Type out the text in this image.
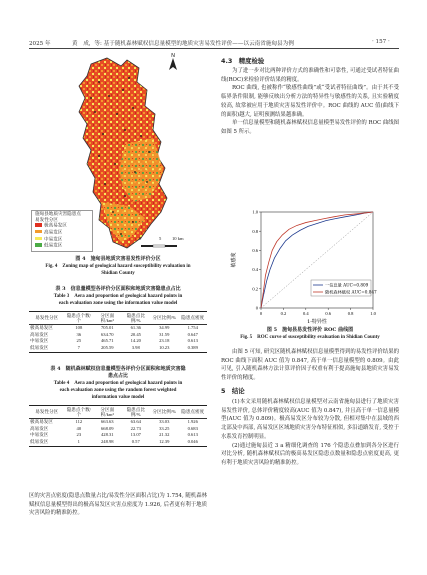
2025 年	黄　成，等: 基于随机森林赋权信息量模型的地质灾害易发性评价——以云南省施甸县为例	· 157 ·
N
0	5 10 km
施甸县地质灾害隐患点
易发性分区
极高易发区
高易发区
中易发区
低易发区
图 4　施甸县地质灾害易发性评价分区
Fig. 4　Zoning map of geological hazard susceptibility evaluation in
Shidian County
表 3　信息量模型各评价分区面积和地质灾害隐患点占比
Table 3　Aera and proportion of geological hazard points in
each evaluation zone using the information value model
易发性分区	隐患点个数/个	分区面积/km²	隐患点比例/%	分区比例/%	隐患点密度
极高易发区	108	705.01	61.36	34.99	1.754
高易发区	36	634.70	20.45	31.59	0.647
中易发区	25	465.71	14.20	23.18	0.613
低易发区	7	205.59	3.98	10.23	0.389
表 4　随机森林赋权信息量模型各评价分区面积和地质灾害隐
患点占比
Table 4　Aera and proportion of geological hazard points in
each evaluation zone using the random forest weighted
information value model
易发性分区	隐患点个数/个	分区面积/km²	隐患点比例/%	分区比例/%	隐患点密度
极高易发区	112	663.63	63.64	33.03	1.926
高易发区	40	668.09	22.73	33.25	0.683
中易发区	23	428.31	13.07	21.32	0.613
低易发区	1	248.98	0.57	12.39	0.046

区的灾害点密度(隐患点数量占比/易发性分区面积占比)为 1.754, 随机森林赋权信息量模型得出的极高易发区灾害点密度为 1.926, 后者更有利于地质灾害风险的精准防控。

4.3　精度检验

为了进一步对比两种评价方式的准确性和可靠性, 可通过受试者特征曲线(ROC)来检验评价结果的精度。

ROC 曲线, 也被称作“敏感性曲线”或“受试者特征曲线”。由于其不受临界条件限制, 能够反映出分析方法的特异性与敏感性的关系, 且实验精度较高, 故常被应用于地质灾害易发性评价中。ROC 曲线的 AUC 值(曲线下的面积)越大, 证明预测结果越准确。

单一信息量模型和随机森林赋权信息量模型易发性评价的 ROC 曲线图如图 5 所示。

0	0.2	0.4	0.6	0.8	1.0
0
0.2
0.4
0.6
0.8
1.0
1-特异性
敏感度
一信息量 AUC=0.809
随机森林赋权 AUC=0.847
图 5　施甸县易发性评价 ROC 曲线图
Fig. 5　ROC curve of susceptibility evaluation in Shidian County

由图 5 可知, 研究区随机森林赋权信息量模型得到的易发性评价结果的 ROC 曲线下面积 AUC 值为 0.847, 高于单一信息量模型的 0.809。由此可见, 引入随机森林方法计算评价因子权重有利于提高施甸县地质灾害易发性评价的精度。

5　结论

(1)本文采用随机森林赋权信息量模型对云南省施甸县进行了地质灾害易发性评价, 总体评价精度较高(AUC 值为 0.847), 并且高于单一信息量模型(AUC 值为 0.809)。极高易发区分布较为分散, 但相对集中在县域的西北部及中西部, 高易发区区域地质灾害分布特征相似, 多沿道路发育, 受控于水系发育控制明显。

(2)通过施甸县近 3 a 精细化调查的 176 个隐患点叠加到各分区进行对比分析, 随机森林赋权后的极高易发区隐患点数量和隐患点密度更高, 更有利于地质灾害风险的精准防控。
